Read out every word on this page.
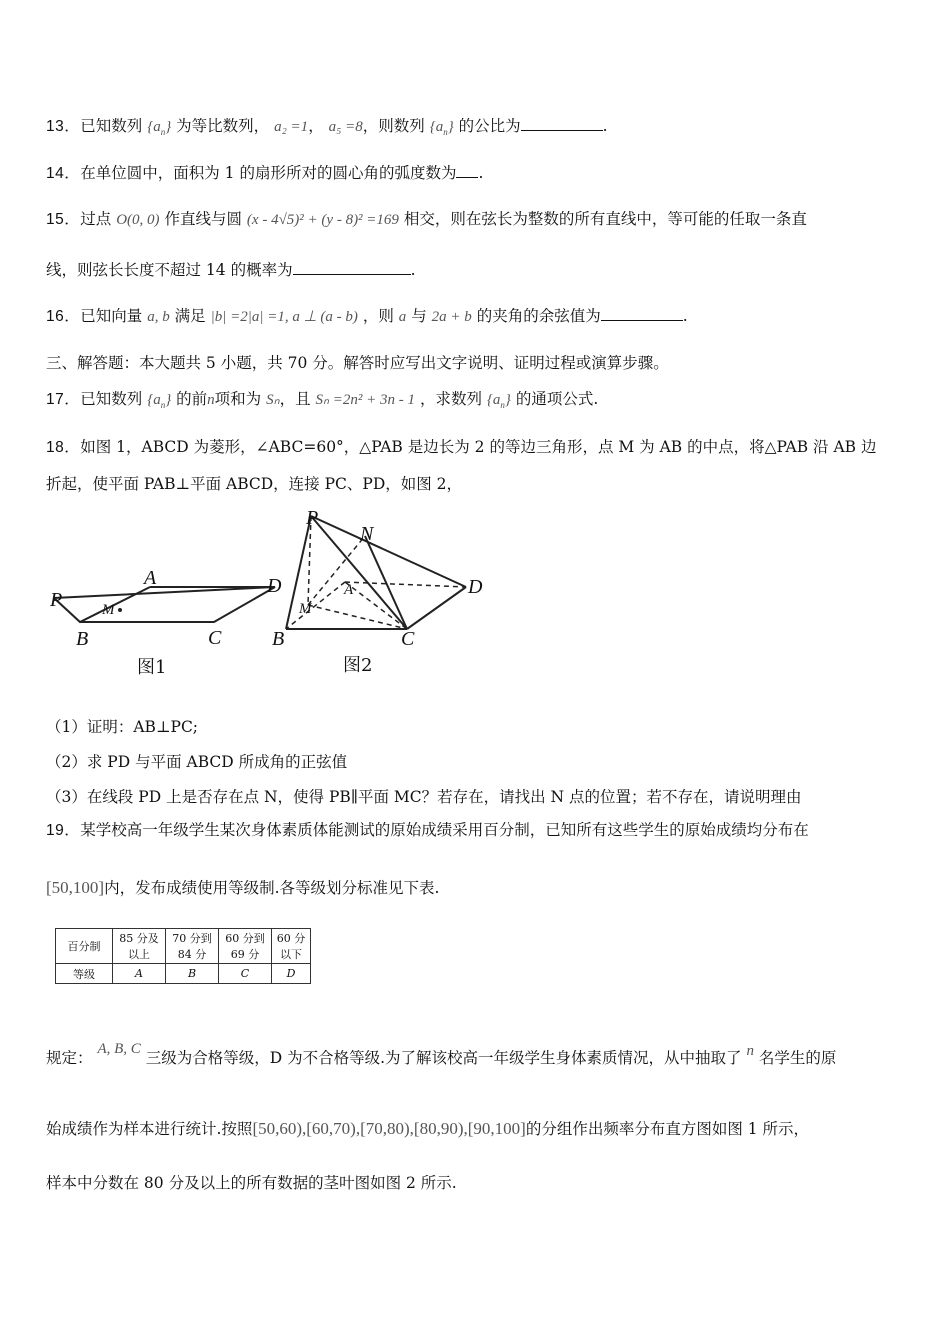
13．已知数列 $\{a_n\}$ 为等比数列， a₂ =1， a₅ =8，则数列 $\{a_n\}$ 的公比为	.
14．在单位圆中，面积为 1 的扇形所对的圆心角的弧度数为 .
15．过点 O(0, 0) 作直线与圆 (x - 4√5)² + (y - 8)² =169 相交，则在弦长为整数的所有直线中，等可能的任取一条直
线，则弦长长度不超过 14 的概率为	.
16．已知向量 a, b 满足 |b| =2|a| =1, a ⊥ (a - b) ，则 a 与 2a + b 的夹角的余弦值为	.
三、解答题：本大题共 5 小题，共 70 分。解答时应写出文字说明、证明过程或演算步骤。
17．已知数列 $\{a_n\}$ 的前n项和为 Sₙ，且 Sₙ =2n² + 3n - 1 ，求数列 $\{a_n\}$ 的通项公式.
18．如图 1，ABCD 为菱形，∠ABC=60°，△PAB 是边长为 2 的等边三角形，点 M 为 AB 的中点，将△PAB 沿 AB 边
折起，使平面 PAB⊥平面 ABCD，连接 PC、PD，如图 2，
P
A	D
M
B	C
P
N
A	D
M
B	C
图1	图2
（1）证明：AB⊥PC;
（2）求 PD 与平面 ABCD 所成角的正弦值
（3）在线段 PD 上是否存在点 N，使得 PB∥平面 MC？若存在，请找出 N 点的位置；若不存在，请说明理由
19．某学校高一年级学生某次身体素质体能测试的原始成绩采用百分制，已知所有这些学生的原始成绩均分布在
[50,100]内，发布成绩使用等级制.各等级划分标准见下表.
百分制	85 分及以上	70 分到84 分	60 分到69 分	60 分以下
等级	A	B	C	D
规定： A, B, C 三级为合格等级，D 为不合格等级.为了解该校高一年级学生身体素质情况，从中抽取了 n 名学生的原
始成绩作为样本进行统计.按照[50,60),[60,70),[70,80),[80,90),[90,100]的分组作出频率分布直方图如图 1 所示，
样本中分数在 80 分及以上的所有数据的茎叶图如图 2 所示.
